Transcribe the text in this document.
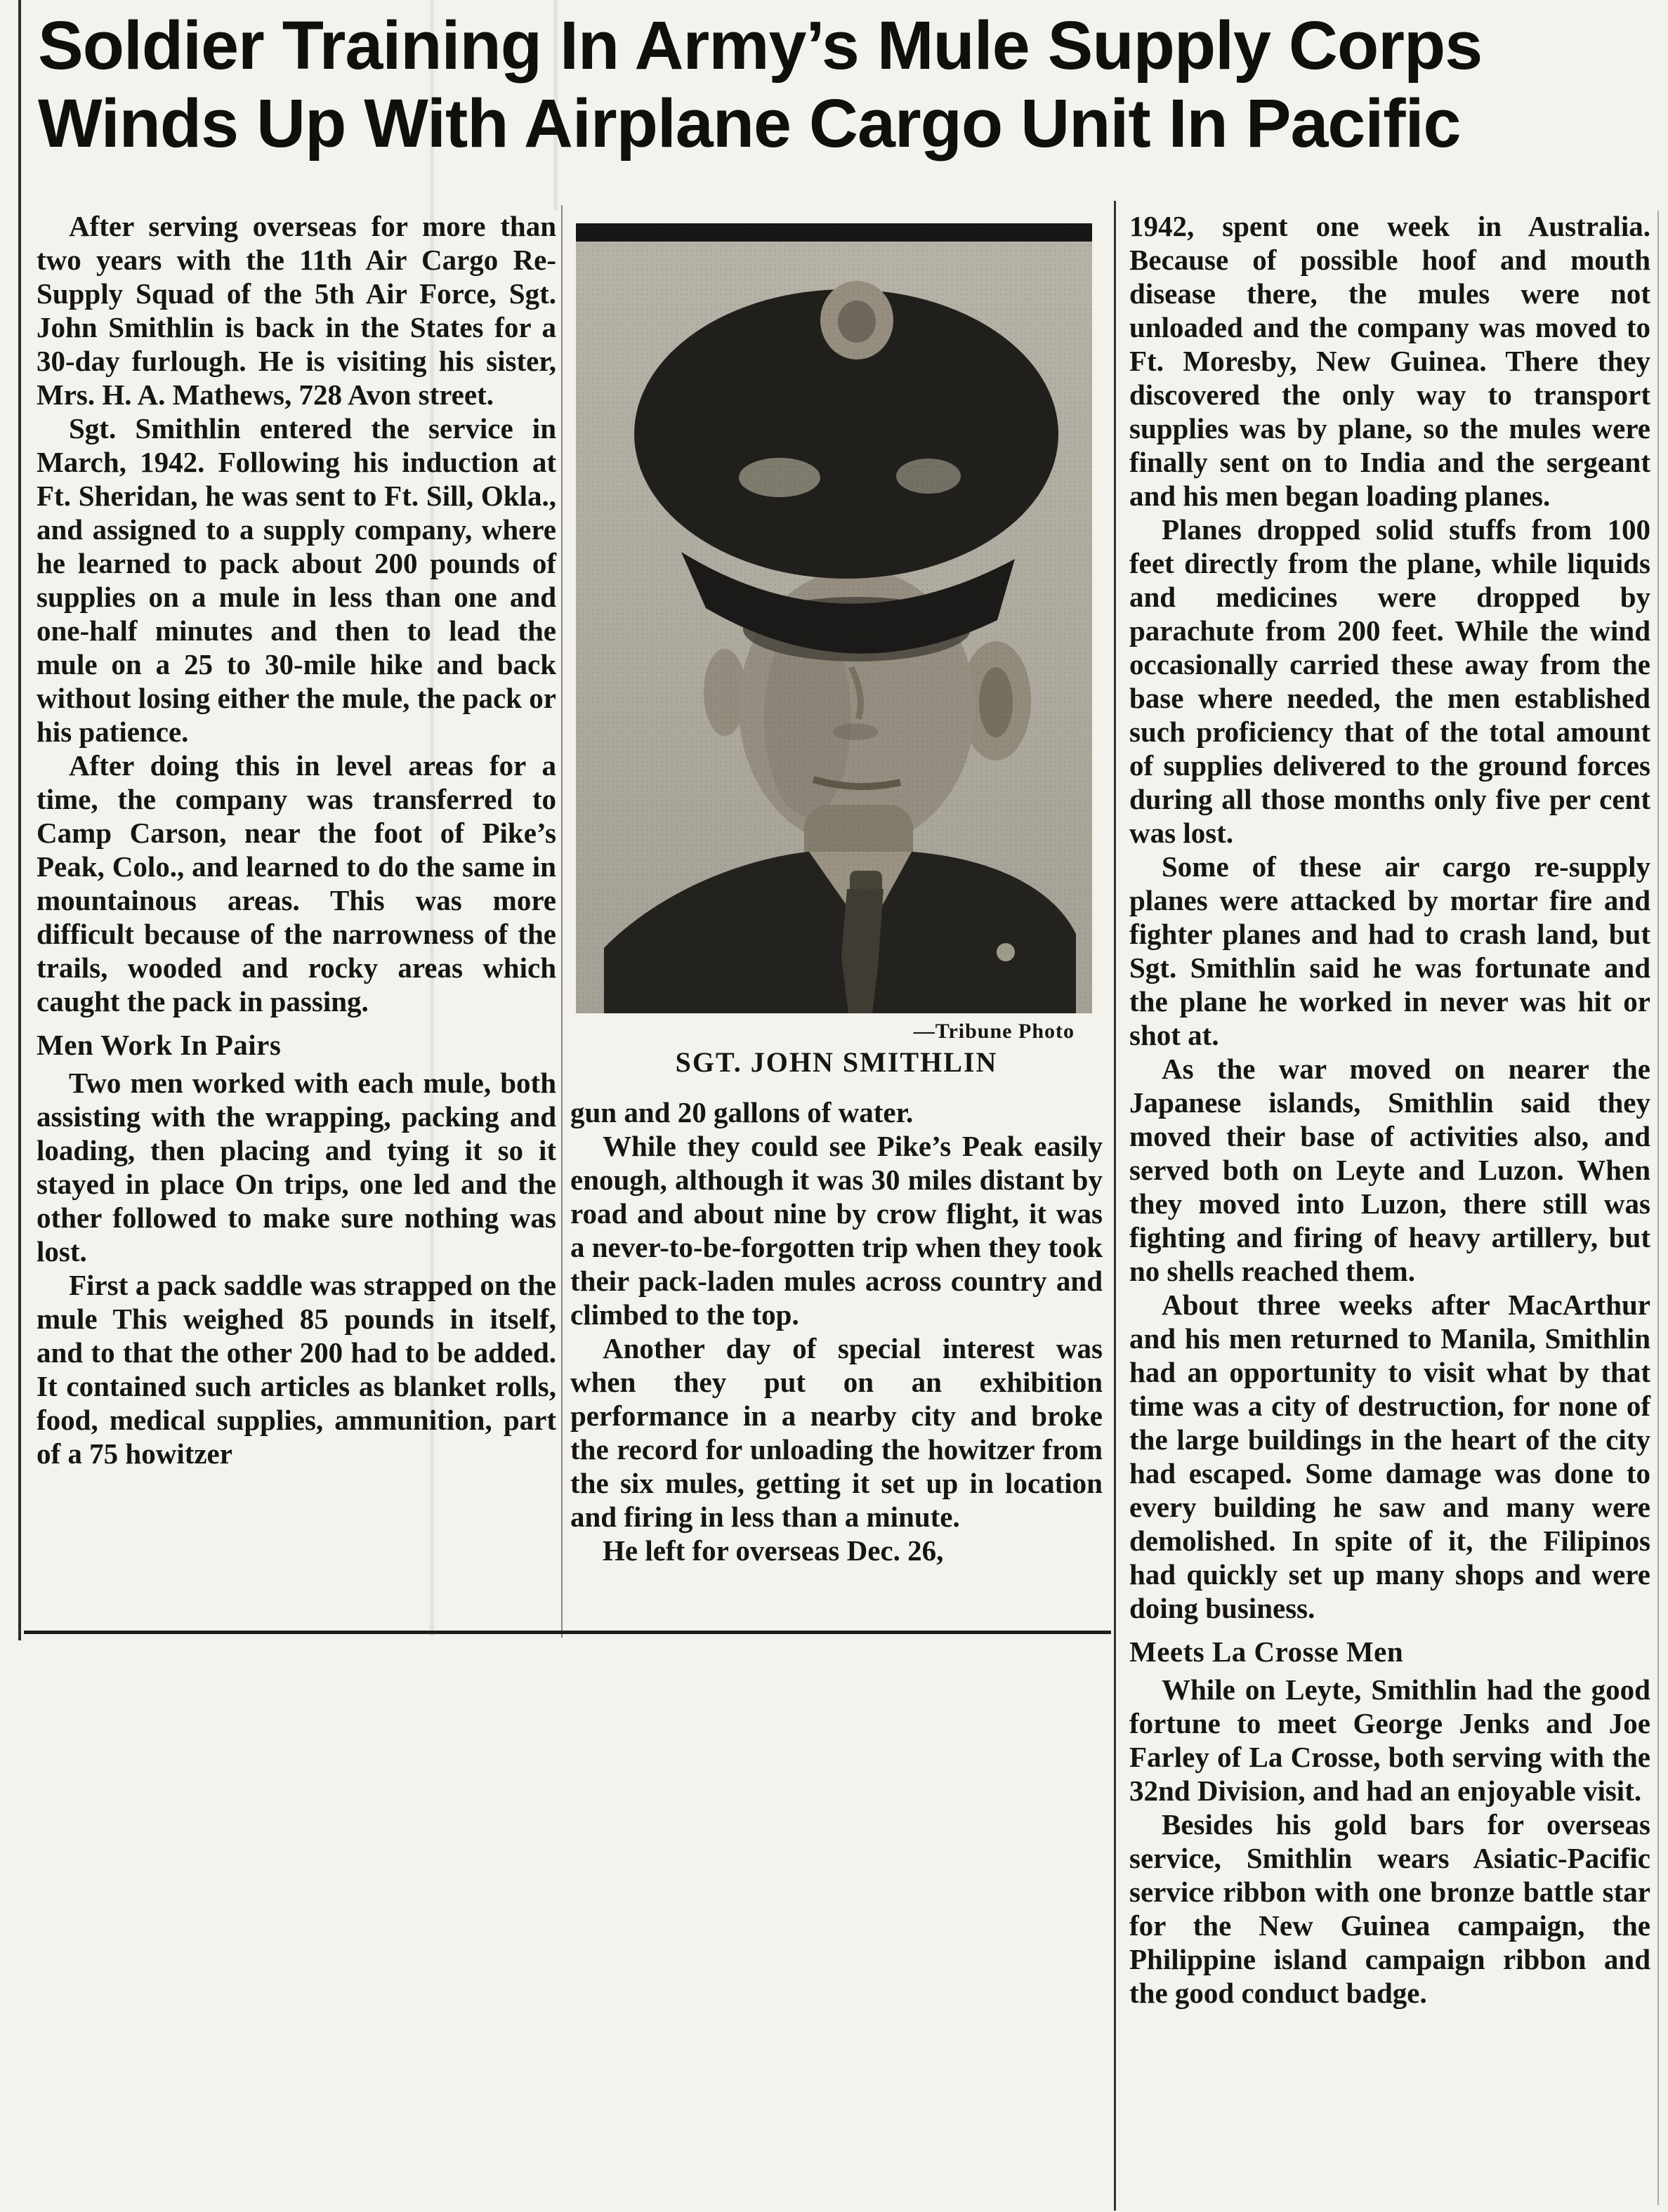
Soldier Training In Army’s Mule Supply Corps
Winds Up With Airplane Cargo Unit In Pacific

After serving overseas for more than two years with the 11th Air Cargo Re-Supply Squad of the 5th Air Force, Sgt. John Smithlin is back in the States for a 30-day furlough. He is visiting his sister, Mrs. H. A. Mathews, 728 Avon street.

Sgt. Smithlin entered the service in March, 1942. Following his induction at Ft. Sheridan, he was sent to Ft. Sill, Okla., and assigned to a supply company, where he learned to pack about 200 pounds of supplies on a mule in less than one and one-half minutes and then to lead the mule on a 25 to 30-mile hike and back without losing either the mule, the pack or his patience.

After doing this in level areas for a time, the company was transferred to Camp Carson, near the foot of Pike’s Peak, Colo., and learned to do the same in mountainous areas. This was more difficult because of the narrowness of the trails, wooded and rocky areas which caught the pack in passing.

Men Work In Pairs

Two men worked with each mule, both assisting with the wrapping, packing and loading, then placing and tying it so it stayed in place On trips, one led and the other followed to make sure nothing was lost.

First a pack saddle was strapped on the mule This weighed 85 pounds in itself, and to that the other 200 had to be added. It contained such articles as blanket rolls, food, medical supplies, ammunition, part of a 75 howitzer

—Tribune Photo
SGT. JOHN SMITHLIN

gun and 20 gallons of water.

While they could see Pike’s Peak easily enough, although it was 30 miles distant by road and about nine by crow flight, it was a never-to-be-forgotten trip when they took their pack-laden mules across country and climbed to the top.

Another day of special interest was when they put on an exhibition performance in a nearby city and broke the record for unloading the howitzer from the six mules, getting it set up in location and firing in less than a minute.

He left for overseas Dec. 26,

1942, spent one week in Australia. Because of possible hoof and mouth disease there, the mules were not unloaded and the company was moved to Ft. Moresby, New Guinea. There they discovered the only way to transport supplies was by plane, so the mules were finally sent on to India and the sergeant and his men began loading planes.

Planes dropped solid stuffs from 100 feet directly from the plane, while liquids and medicines were dropped by parachute from 200 feet. While the wind occasionally carried these away from the base where needed, the men established such proficiency that of the total amount of supplies delivered to the ground forces during all those months only five per cent was lost.

Some of these air cargo re-supply planes were attacked by mortar fire and fighter planes and had to crash land, but Sgt. Smithlin said he was fortunate and the plane he worked in never was hit or shot at.

As the war moved on nearer the Japanese islands, Smithlin said they moved their base of activities also, and served both on Leyte and Luzon. When they moved into Luzon, there still was fighting and firing of heavy artillery, but no shells reached them.

About three weeks after MacArthur and his men returned to Manila, Smithlin had an opportunity to visit what by that time was a city of destruction, for none of the large buildings in the heart of the city had escaped. Some damage was done to every building he saw and many were demolished. In spite of it, the Filipinos had quickly set up many shops and were doing business.

Meets La Crosse Men

While on Leyte, Smithlin had the good fortune to meet George Jenks and Joe Farley of La Crosse, both serving with the 32nd Division, and had an enjoyable visit.

Besides his gold bars for overseas service, Smithlin wears Asiatic-Pacific service ribbon with one bronze battle star for the New Guinea campaign, the Philippine island campaign ribbon and the good conduct badge.
